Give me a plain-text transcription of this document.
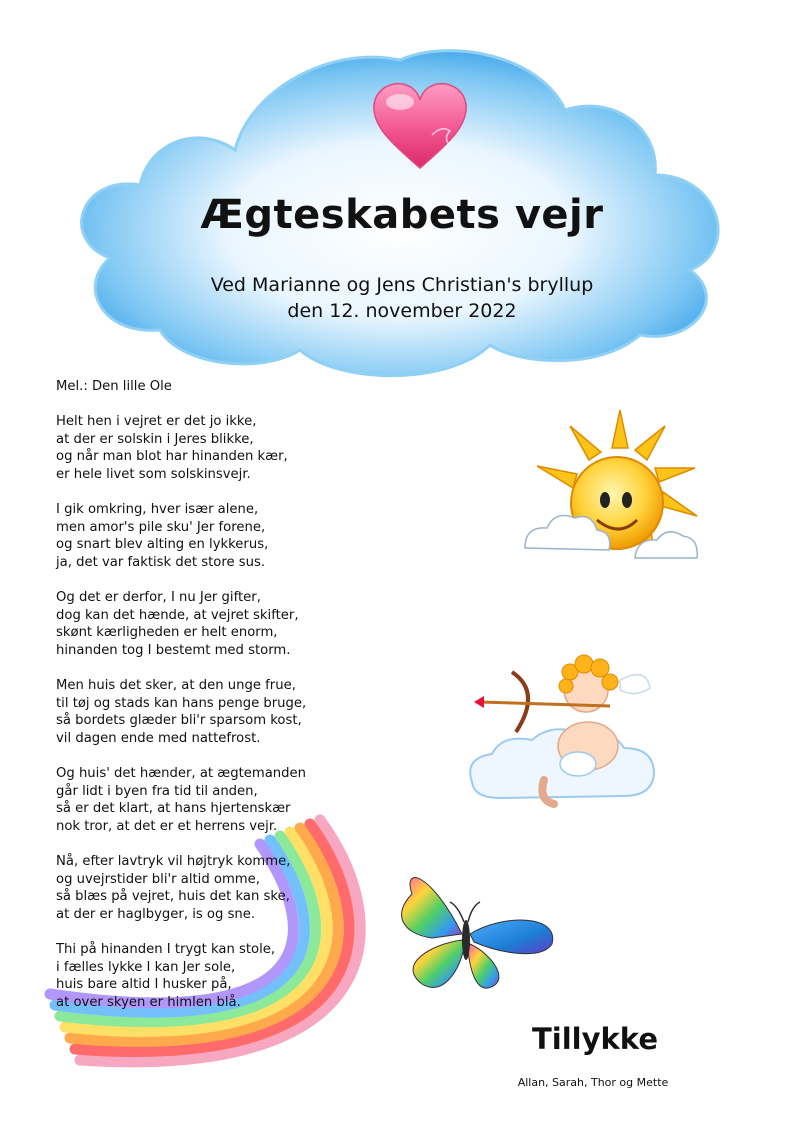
Ægteskabets vejr
Ved Marianne og Jens Christian's bryllup
den 12. november 2022
Mel.: Den lille Ole
Helt hen i vejret er det jo ikke,
at der er solskin i Jeres blikke,
og når man blot har hinanden kær,
er hele livet som solskinsvejr.
I gik omkring, hver især alene,
men amor's pile sku' Jer forene,
og snart blev alting en lykkerus,
ja, det var faktisk det store sus.
Og det er derfor, I nu Jer gifter,
dog kan det hænde, at vejret skifter,
skønt kærligheden er helt enorm,
hinanden tog I bestemt med storm.
Men huis det sker, at den unge frue,
til tøj og stads kan hans penge bruge,
så bordets glæder bli'r sparsom kost,
vil dagen ende med nattefrost.
Og huis' det hænder, at ægtemanden
går lidt i byen fra tid til anden,
så er det klart, at hans hjertenskær
nok tror, at det er et herrens vejr.
Nå, efter lavtryk vil højtryk komme,
og uvejrstider bli'r altid omme,
så blæs på vejret, huis det kan ske,
at der er haglbyger, is og sne.
Thi på hinanden I trygt kan stole,
i fælles lykke I kan Jer sole,
huis bare altid I husker på,
at over skyen er himlen blå.
Tillykke
Allan, Sarah, Thor og Mette
